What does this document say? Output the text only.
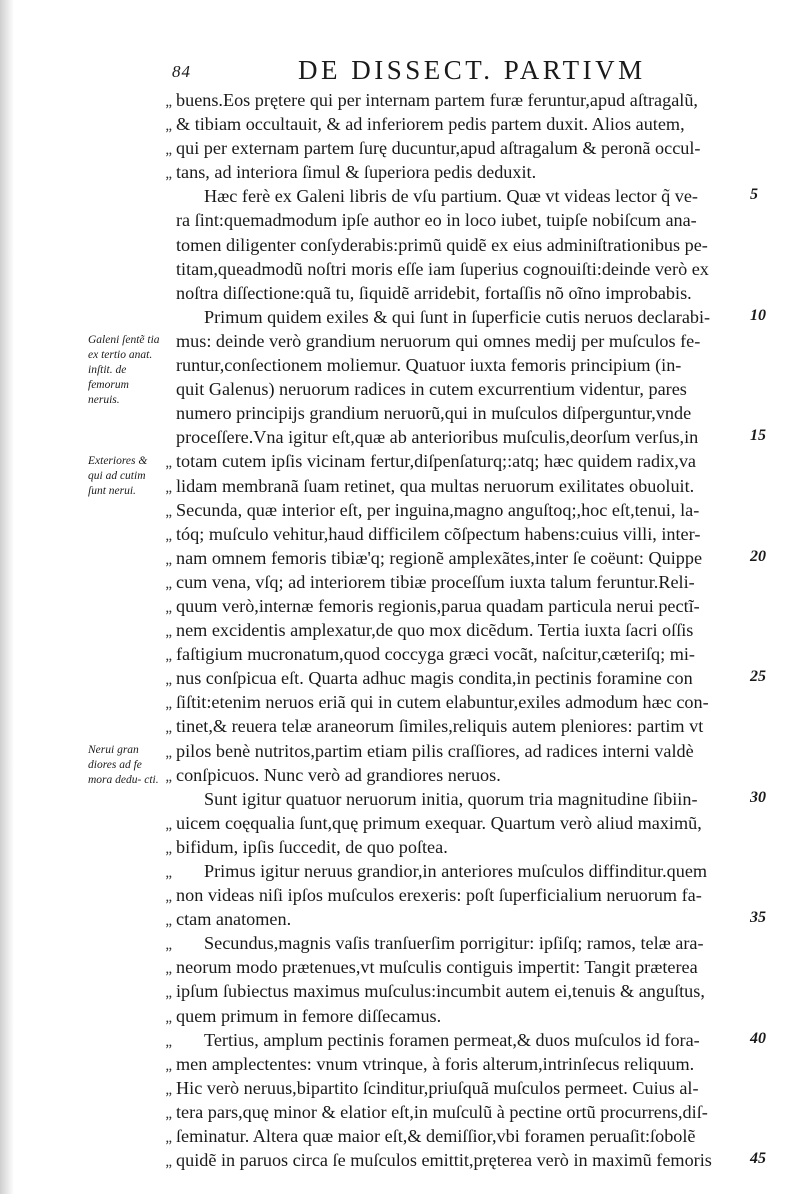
84	DE DISSECT. PARTIVM
„ buens.Eos prętere qui per internam partem furæ feruntur,apud aſtragalũ,
„ & tibiam occultauit, & ad inferiorem pedis partem duxit. Alios autem,
„ qui per externam partem ſurę ducuntur,apud aſtragalum & peronã occul-
„ tans, ad interiora ſimul & ſuperiora pedis deduxit.
Hæc ferè ex Galeni libris de vſu partium. Quæ vt videas lector q̃ ve-
ra ſint:quemadmodum ipſe author eo in loco iubet, tuipſe nobiſcum ana-
tomen diligenter conſyderabis:primũ quidẽ ex eius adminiſtrationibus pe-
titam,queadmodũ noſtri moris eſſe iam ſuperius cognouiſti:deinde verò ex
noſtra diſſectione:quã tu, ſiquidẽ arridebit, fortaſſis nõ oĩno improbabis.
Primum quidem exiles & qui ſunt in ſuperficie cutis neruos declarabi-
mus: deinde verò grandium neruorum qui omnes medij per muſculos fe-
runtur,conſectionem moliemur. Quatuor iuxta femoris principium (in-
quit Galenus) neruorum radices in cutem excurrentium videntur, pares
numero principijs grandium neruorũ,qui in muſculos diſperguntur,vnde
proceſſere.Vna igitur eſt,quæ ab anterioribus muſculis,deorſum verſus,in
„ totam cutem ipſis vicinam fertur,diſpenſaturq;:atq; hæc quidem radix,va
„ lidam membranã ſuam retinet, qua multas neruorum exilitates obuoluit.
„ Secunda, quæ interior eſt, per inguina,magno anguſtoq;,hoc eſt,tenui, la-
„ tóq; muſculo vehitur,haud difficilem cõſpectum habens:cuius villi, inter-
„ nam omnem femoris tibiæ'q; regionẽ amplexãtes,inter ſe coëunt: Quippe
„ cum vena, vſq; ad interiorem tibiæ proceſſum iuxta talum feruntur.Reli-
„ quum verò,internæ femoris regionis,parua quadam particula nerui pectĩ-
„ nem excidentis amplexatur,de quo mox dicẽdum. Tertia iuxta ſacri oſſis
„ faſtigium mucronatum,quod coccyga græci vocãt, naſcitur,cæteriſq; mi-
„ nus conſpicua eſt. Quarta adhuc magis condita,in pectinis foramine con
„ ſiſtit:etenim neruos eriã qui in cutem elabuntur,exiles admodum hæc con-
„ tinet,& reuera telæ araneorum ſimiles,reliquis autem pleniores: partim vt
„ pilos benè nutritos,partim etiam pilis craſſiores, ad radices interni valdè
„ conſpicuos. Nunc verò ad grandiores neruos.
Sunt igitur quatuor neruorum initia, quorum tria magnitudine ſibiin-
„ uicem coęqualia ſunt,quę primum exequar. Quartum verò aliud maximũ,
„ bifidum, ipſis ſuccedit, de quo poſtea.
„ Primus igitur neruus grandior,in anteriores muſculos diffinditur.quem
„ non videas niſi ipſos muſculos erexeris: poſt ſuperficialium neruorum fa-
„ ctam anatomen.
„ Secundus,magnis vaſis tranſuerſim porrigitur: ipſiſq; ramos, telæ ara-
„ neorum modo prætenues,vt muſculis contiguis impertit: Tangit præterea
„ ipſum ſubiectus maximus muſculus:incumbit autem ei,tenuis & anguſtus,
„ quem primum in femore diſſecamus.
„ Tertius, amplum pectinis foramen permeat,& duos muſculos id fora-
„ men amplectentes: vnum vtrinque, à foris alterum,intrinſecus reliquum.
„ Hic verò neruus,bipartito ſcinditur,priuſquã muſculos permeet. Cuius al-
„ tera pars,quę minor & elatior eſt,in muſculũ à pectine ortũ procurrens,diſ-
„ ſeminatur. Altera quæ maior eſt,& demiſſior,vbi foramen peruaſit:ſobolẽ
„ quidẽ in paruos circa ſe muſculos emittit,pręterea verò in maximũ femoris
5
10
15
20
25
30
35
40
45
Galeni ſentẽ tia ex tertio anat. inſtit. de femorum neruis.
Exteriores & qui ad cutim ſunt nerui.
Nerui gran diores ad fe mora dedu- cti.
